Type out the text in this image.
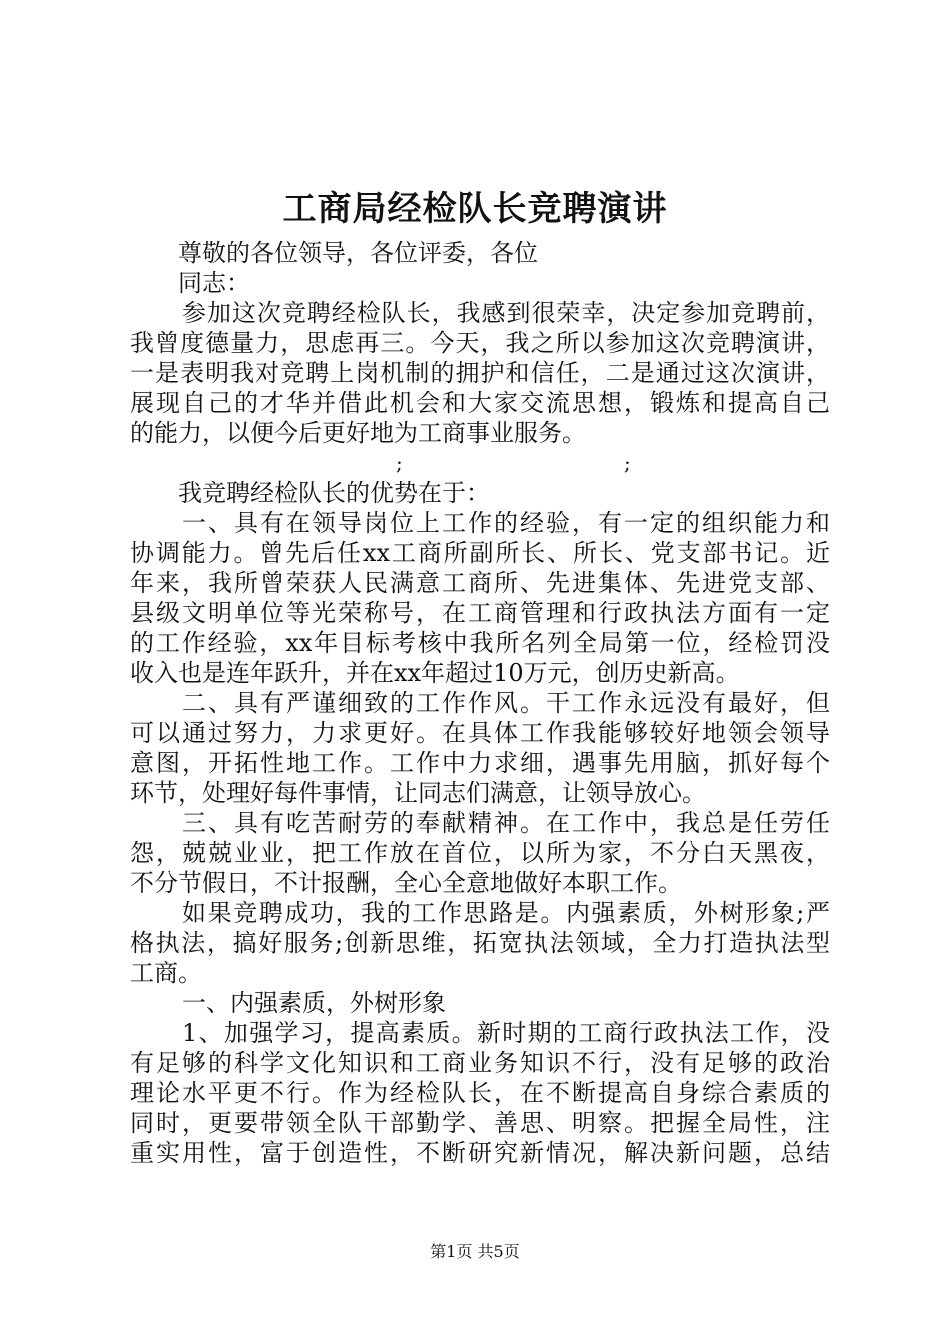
工商局经检队长竞聘演讲
尊敬的各位领导，各位评委，各位
同志：
参加这次竞聘经检队长，我感到很荣幸，决定参加竞聘前，
我曾度德量力，思虑再三。今天，我之所以参加这次竞聘演讲，
一是表明我对竞聘上岗机制的拥护和信任，二是通过这次演讲，
展现自己的才华并借此机会和大家交流思想，锻炼和提高自己
的能力，以便今后更好地为工商事业服务。
;	;
我竞聘经检队长的优势在于：
一、具有在领导岗位上工作的经验，有一定的组织能力和
协调能力。曾先后任xx工商所副所长、所长、党支部书记。近
年来，我所曾荣获人民满意工商所、先进集体、先进党支部、
县级文明单位等光荣称号，在工商管理和行政执法方面有一定
的工作经验，xx年目标考核中我所名列全局第一位，经检罚没
收入也是连年跃升，并在xx年超过10万元，创历史新高。
二、具有严谨细致的工作作风。干工作永远没有最好，但
可以通过努力，力求更好。在具体工作我能够较好地领会领导
意图，开拓性地工作。工作中力求细，遇事先用脑，抓好每个
环节，处理好每件事情，让同志们满意，让领导放心。
三、具有吃苦耐劳的奉献精神。在工作中，我总是任劳任
怨，兢兢业业，把工作放在首位，以所为家，不分白天黑夜，
不分节假日，不计报酬，全心全意地做好本职工作。
如果竞聘成功，我的工作思路是。内强素质，外树形象;严
格执法，搞好服务;创新思维，拓宽执法领域，全力打造执法型
工商。
一、内强素质，外树形象
1、加强学习，提高素质。新时期的工商行政执法工作，没
有足够的科学文化知识和工商业务知识不行，没有足够的政治
理论水平更不行。作为经检队长，在不断提高自身综合素质的
同时，更要带领全队干部勤学、善思、明察。把握全局性，注
重实用性，富于创造性，不断研究新情况，解决新问题，总结
第1页 共5页
